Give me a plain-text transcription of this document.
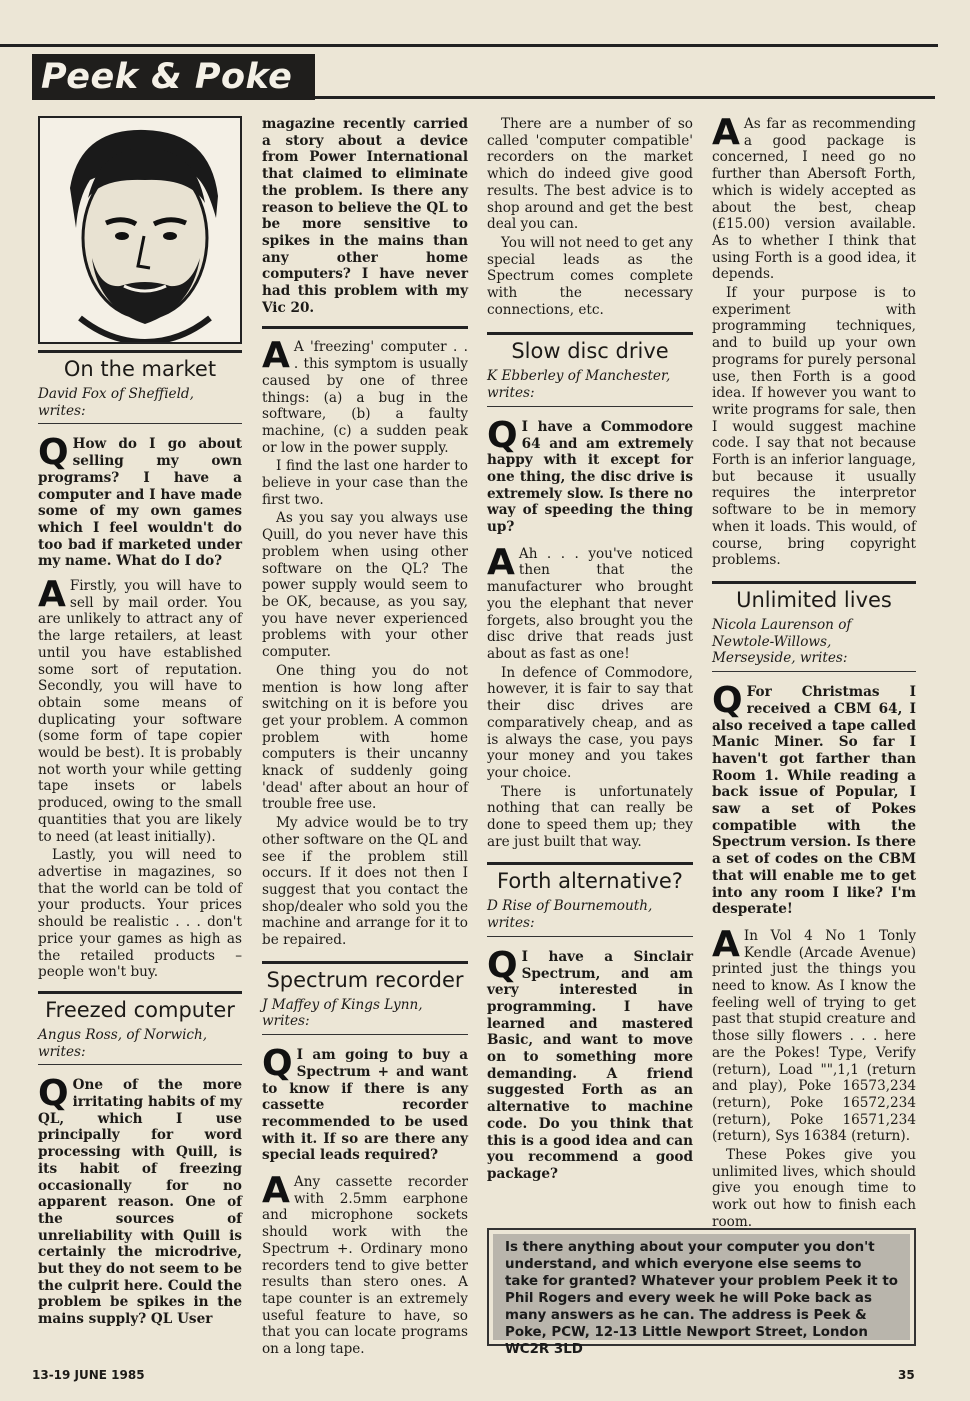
Peek & Poke
On the market
David Fox of Sheffield, writes:

Q How do I go about selling my own programs? I have a computer and I have made some of my own games which I feel wouldn't do too bad if marketed under my name. What do I do?

A Firstly, you will have to sell by mail order. You are unlikely to attract any of the large retailers, at least until you have established some sort of reputation. Secondly, you will have to obtain some means of duplicating your software (some form of tape copier would be best). It is probably not worth your while getting tape insets or labels produced, owing to the small quantities that you are likely to need (at least initially).

Lastly, you will need to advertise in magazines, so that the world can be told of your products. Your prices should be realistic . . . don't price your games as high as the retailed products – people won't buy.

Freezed computer
Angus Ross, of Norwich, writes:

Q One of the more irritating habits of my QL, which I use principally for word processing with Quill, is its habit of freezing occasionally for no apparent reason. One of the sources of unreliability with Quill is certainly the microdrive, but they do not seem to be the culprit here. Could the problem be spikes in the mains supply? QL User

magazine recently carried a story about a device from Power International that claimed to eliminate the problem. Is there any reason to believe the QL to be more sensitive to spikes in the mains than any other home computers? I have never had this problem with my Vic 20.

A A 'freezing' computer . . . this symptom is usually caused by one of three things: (a) a bug in the software, (b) a faulty machine, (c) a sudden peak or low in the power supply.

I find the last one harder to believe in your case than the first two.

As you say you always use Quill, do you never have this problem when using other software on the QL? The power supply would seem to be OK, because, as you say, you have never experienced problems with your other computer.

One thing you do not mention is how long after switching on it is before you get your problem. A common problem with home computers is their uncanny knack of suddenly going 'dead' after about an hour of trouble free use.

My advice would be to try other software on the QL and see if the problem still occurs. If it does not then I suggest that you contact the shop/dealer who sold you the machine and arrange for it to be repaired.

Spectrum recorder
J Maffey of Kings Lynn, writes:

Q I am going to buy a Spectrum + and want to know if there is any cassette recorder recommended to be used with it. If so are there any special leads required?

A Any cassette recorder with 2.5mm earphone and microphone sockets should work with the Spectrum +. Ordinary mono recorders tend to give better results than stero ones. A tape counter is an extremely useful feature to have, so that you can locate programs on a long tape.

There are a number of so called 'computer compatible' recorders on the market which do indeed give good results. The best advice is to shop around and get the best deal you can.

You will not need to get any special leads as the Spectrum comes complete with the necessary connections, etc.

Slow disc drive
K Ebberley of Manchester, writes:

Q I have a Commodore 64 and am extremely happy with it except for one thing, the disc drive is extremely slow. Is there no way of speeding the thing up?

A Ah . . . you've noticed then that the manufacturer who brought you the elephant that never forgets, also brought you the disc drive that reads just about as fast as one!

In defence of Commodore, however, it is fair to say that their disc drives are comparatively cheap, and as is always the case, you pays your money and you takes your choice.

There is unfortunately nothing that can really be done to speed them up; they are just built that way.

Forth alternative?
D Rise of Bournemouth, writes:

Q I have a Sinclair Spectrum, and am very interested in programming. I have learned and mastered Basic, and want to move on to something more demanding. A friend suggested Forth as an alternative to machine code. Do you think that this is a good idea and can you recommend a good package?

A As far as recommending a good package is concerned, I need go no further than Abersoft Forth, which is widely accepted as about the best, cheap (£15.00) version available. As to whether I think that using Forth is a good idea, it depends.

If your purpose is to experiment with programming techniques, and to build up your own programs for purely personal use, then Forth is a good idea. If however you want to write programs for sale, then I would suggest machine code. I say that not because Forth is an inferior language, but because it usually requires the interpretor software to be in memory when it loads. This would, of course, bring copyright problems.

Unlimited lives
Nicola Laurenson of Newtole-Willows, Merseyside, writes:

Q For Christmas I received a CBM 64, I also received a tape called Manic Miner. So far I haven't got farther than Room 1. While reading a back issue of Popular, I saw a set of Pokes compatible with the Spectrum version. Is there a set of codes on the CBM that will enable me to get into any room I like? I'm desperate!

A In Vol 4 No 1 Tonly Kendle (Arcade Avenue) printed just the things you need to know. As I know the feeling well of trying to get past that stupid creature and those silly flowers . . . here are the Pokes! Type, Verify (return), Load "",1,1 (return and play), Poke 16573,234 (return), Poke 16572,234 (return), Poke 16571,234 (return), Sys 16384 (return).

These Pokes give you unlimited lives, which should give you enough time to work out how to finish each room.

Is there anything about your computer you don't understand, and which everyone else seems to take for granted? Whatever your problem Peek it to Phil Rogers and every week he will Poke back as many answers as he can. The address is Peek & Poke, PCW, 12-13 Little Newport Street, London WC2R 3LD
13-19 JUNE 1985	35
